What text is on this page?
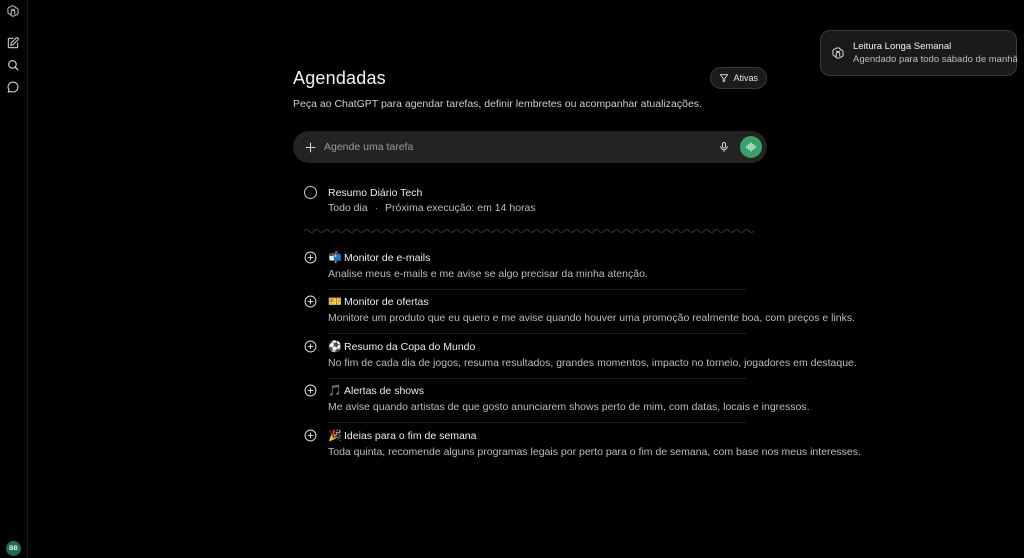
BB
Agendadas	Ativas
Peça ao ChatGPT para agendar tarefas, definir lembretes ou acompanhar atualizações.
Agende uma tarefa
Resumo Diário Tech
Todo dia · Próxima execução: em 14 horas
📬 Monitor de e-mails
Analise meus e-mails e me avise se algo precisar da minha atenção.
🎫 Monitor de ofertas
Monitore um produto que eu quero e me avise quando houver uma promoção realmente boa, com preços e links.
⚽ Resumo da Copa do Mundo
No fim de cada dia de jogos, resuma resultados, grandes momentos, impacto no torneio, jogadores em destaque.
🎵 Alertas de shows
Me avise quando artistas de que gosto anunciarem shows perto de mim, com datas, locais e ingressos.
🎉 Ideias para o fim de semana
Toda quinta, recomende alguns programas legais por perto para o fim de semana, com base nos meus interesses.
Leitura Longa Semanal
Agendado para todo sábado de manhã
